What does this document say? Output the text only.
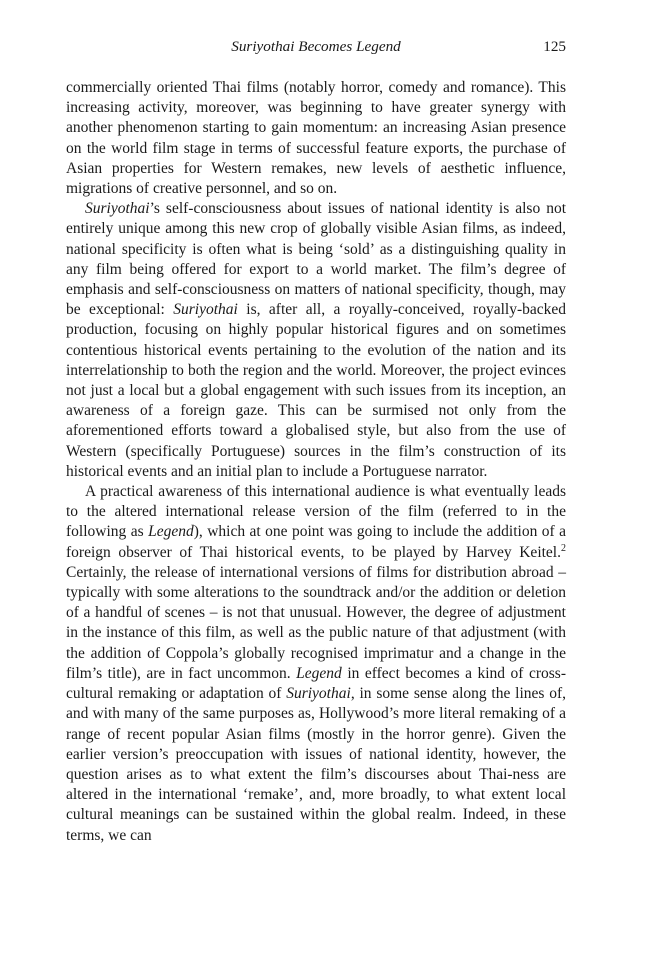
Suriyothai Becomes Legend	125

commercially oriented Thai films (notably horror, comedy and romance). This increasing activity, moreover, was beginning to have greater synergy with another phenomenon starting to gain momentum: an increasing Asian presence on the world film stage in terms of successful feature exports, the purchase of Asian properties for Western remakes, new levels of aesthetic influence, migrations of creative personnel, and so on.

Suriyothai’s self-consciousness about issues of national identity is also not entirely unique among this new crop of globally visible Asian films, as indeed, national specificity is often what is being ‘sold’ as a distinguishing quality in any film being offered for export to a world market. The film’s degree of emphasis and self-consciousness on matters of national specificity, though, may be exceptional: Suriyothai is, after all, a royally-conceived, royally-backed production, focusing on highly popular historical figures and on sometimes contentious historical events pertaining to the evolution of the nation and its interrelationship to both the region and the world. Moreover, the project evinces not just a local but a global engagement with such issues from its inception, an awareness of a foreign gaze. This can be surmised not only from the aforementioned efforts toward a globalised style, but also from the use of Western (specifically Portuguese) sources in the film’s construction of its historical events and an initial plan to include a Portuguese narrator.

A practical awareness of this international audience is what eventually leads to the altered international release version of the film (referred to in the following as Legend), which at one point was going to include the addition of a foreign observer of Thai historical events, to be played by Harvey Keitel.$^2$ Certainly, the release of international versions of films for distribution abroad – typically with some alterations to the soundtrack and/or the addition or deletion of a handful of scenes – is not that unusual. However, the degree of adjustment in the instance of this film, as well as the public nature of that adjustment (with the addition of Coppola’s globally recognised imprimatur and a change in the film’s title), are in fact uncommon. Legend in effect becomes a kind of cross-cultural remaking or adaptation of Suriyothai, in some sense along the lines of, and with many of the same purposes as, Hollywood’s more literal remaking of a range of recent popular Asian films (mostly in the horror genre). Given the earlier version’s preoccupation with issues of national identity, however, the question arises as to what extent the film’s discourses about Thai-ness are altered in the international ‘remake’, and, more broadly, to what extent local cultural meanings can be sustained within the global realm. Indeed, in these terms, we can
